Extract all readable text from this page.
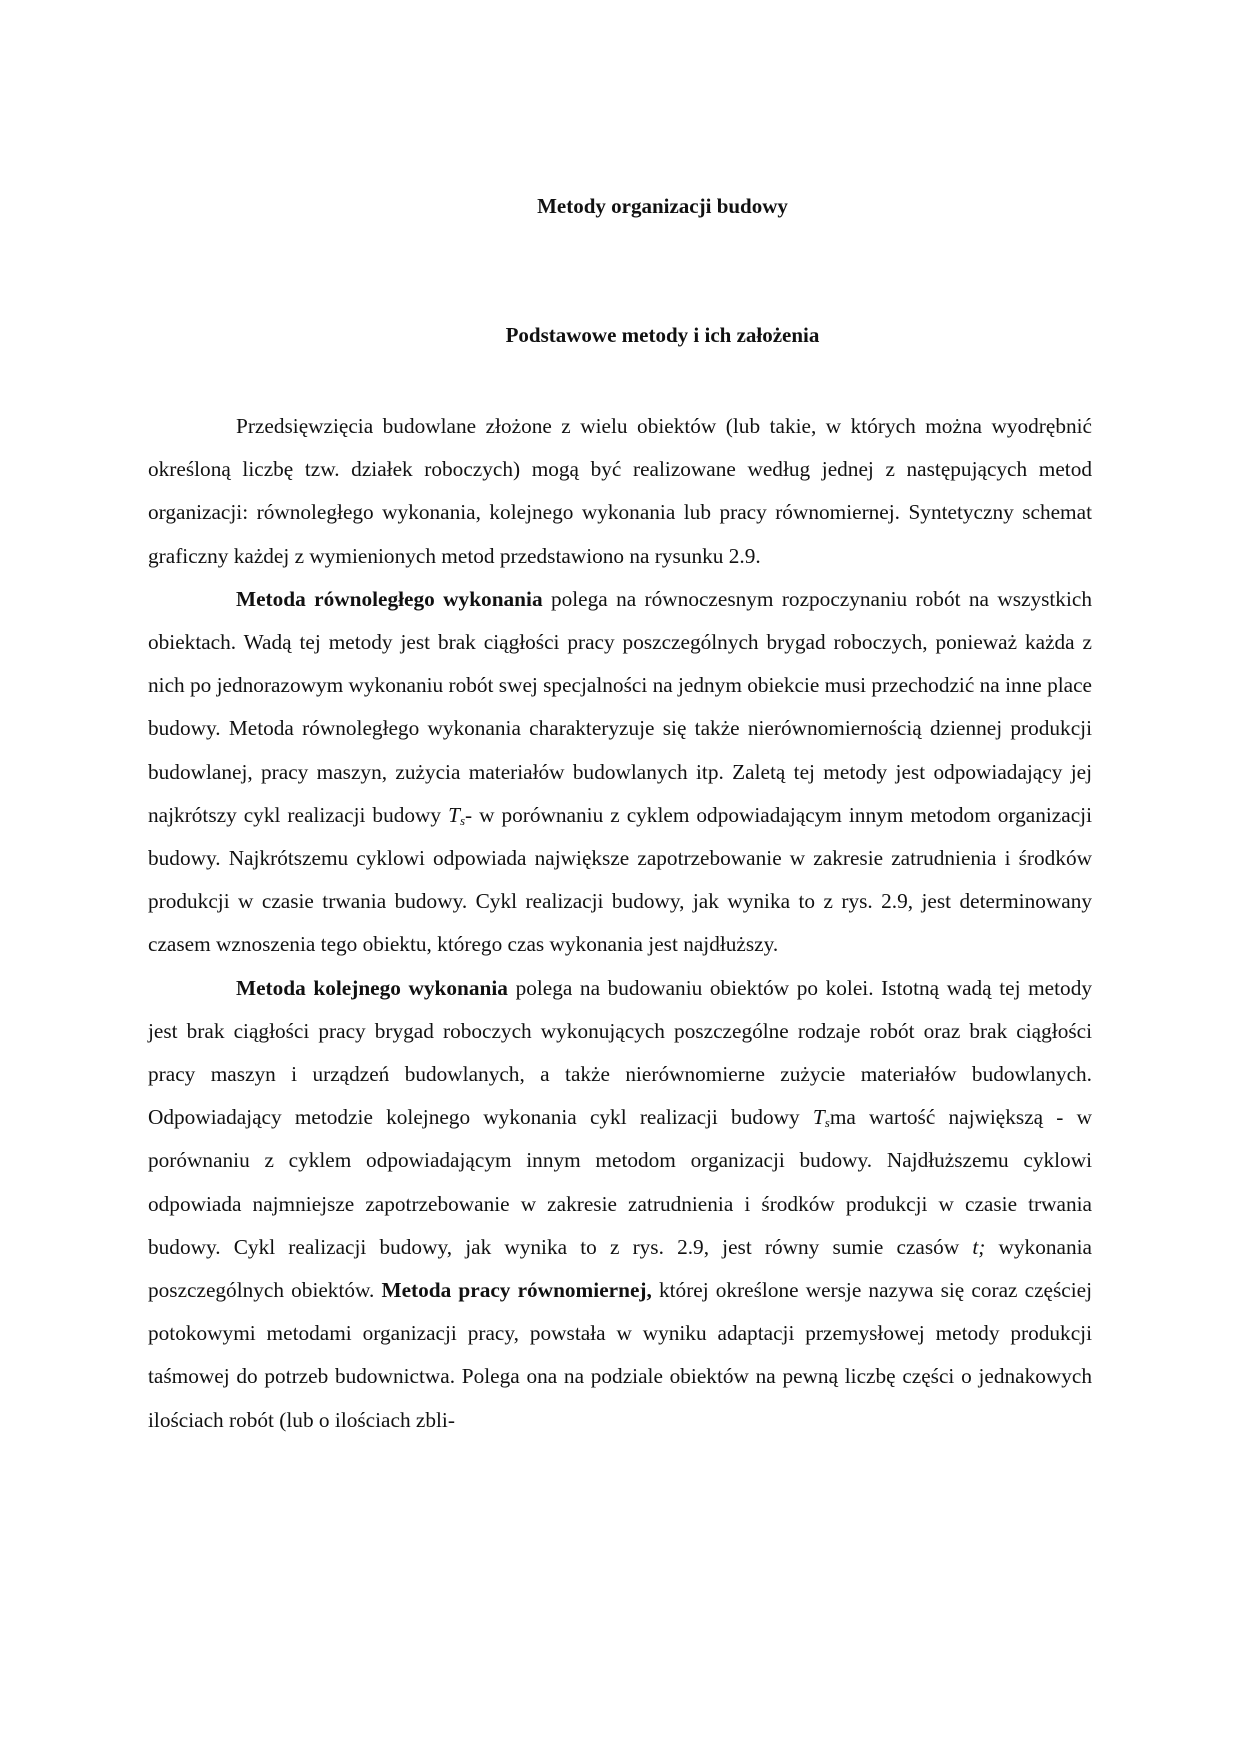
Metody organizacji budowy
Podstawowe metody i ich założenia

Przedsięwzięcia budowlane złożone z wielu obiektów (lub takie, w których można wyodrębnić określoną liczbę tzw. działek roboczych) mogą być realizowane według jednej z następujących metod organizacji: równoległego wykonania, kolejnego wykonania lub pracy równomiernej. Syntetyczny schemat graficzny każdej z wymienionych metod przedstawiono na rysunku 2.9.

Metoda równoległego wykonania polega na równoczesnym rozpoczynaniu robót na wszystkich obiektach. Wadą tej metody jest brak ciągłości pracy poszczególnych brygad roboczych, ponieważ każda z nich po jednorazowym wykonaniu robót swej specjalności na jednym obiekcie musi przechodzić na inne place budowy. Metoda równoległego wykonania charakteryzuje się także nierównomiernością dziennej produkcji budowlanej, pracy maszyn, zużycia materiałów budowlanych itp. Zaletą tej metody jest odpowiadający jej najkrótszy cykl realizacji budowy $T_s-$ w porównaniu z cyklem odpowiadającym innym metodom organizacji budowy. Najkrótszemu cyklowi odpowiada największe zapotrzebowanie w zakresie zatrudnienia i środków produkcji w czasie trwania budowy. Cykl realizacji budowy, jak wynika to z rys. 2.9, jest determinowany czasem wznoszenia tego obiektu, którego czas wykonania jest najdłuższy.

Metoda kolejnego wykonania polega na budowaniu obiektów po kolei. Istotną wadą tej metody jest brak ciągłości pracy brygad roboczych wykonujących poszczególne rodzaje robót oraz brak ciągłości pracy maszyn i urządzeń budowlanych, a także nierównomierne zużycie materiałów budowlanych. Odpowiadający metodzie kolejnego wykonania cykl realizacji budowy $T_sma$ wartość największą - w porównaniu z cyklem odpowiadającym innym metodom organizacji budowy. Najdłuższemu cyklowi odpowiada najmniejsze zapotrzebowanie w zakresie zatrudnienia i środków produkcji w czasie trwania budowy. Cykl realizacji budowy, jak wynika to z rys. 2.9, jest równy sumie czasów t; wykonania poszczególnych obiektów. Metoda pracy równomiernej, której określone wersje nazywa się coraz częściej potokowymi metodami organizacji pracy, powstała w wyniku adaptacji przemysłowej metody produkcji taśmowej do potrzeb budownictwa. Polega ona na podziale obiektów na pewną liczbę części o jednakowych ilościach robót (lub o ilościach zbli-
